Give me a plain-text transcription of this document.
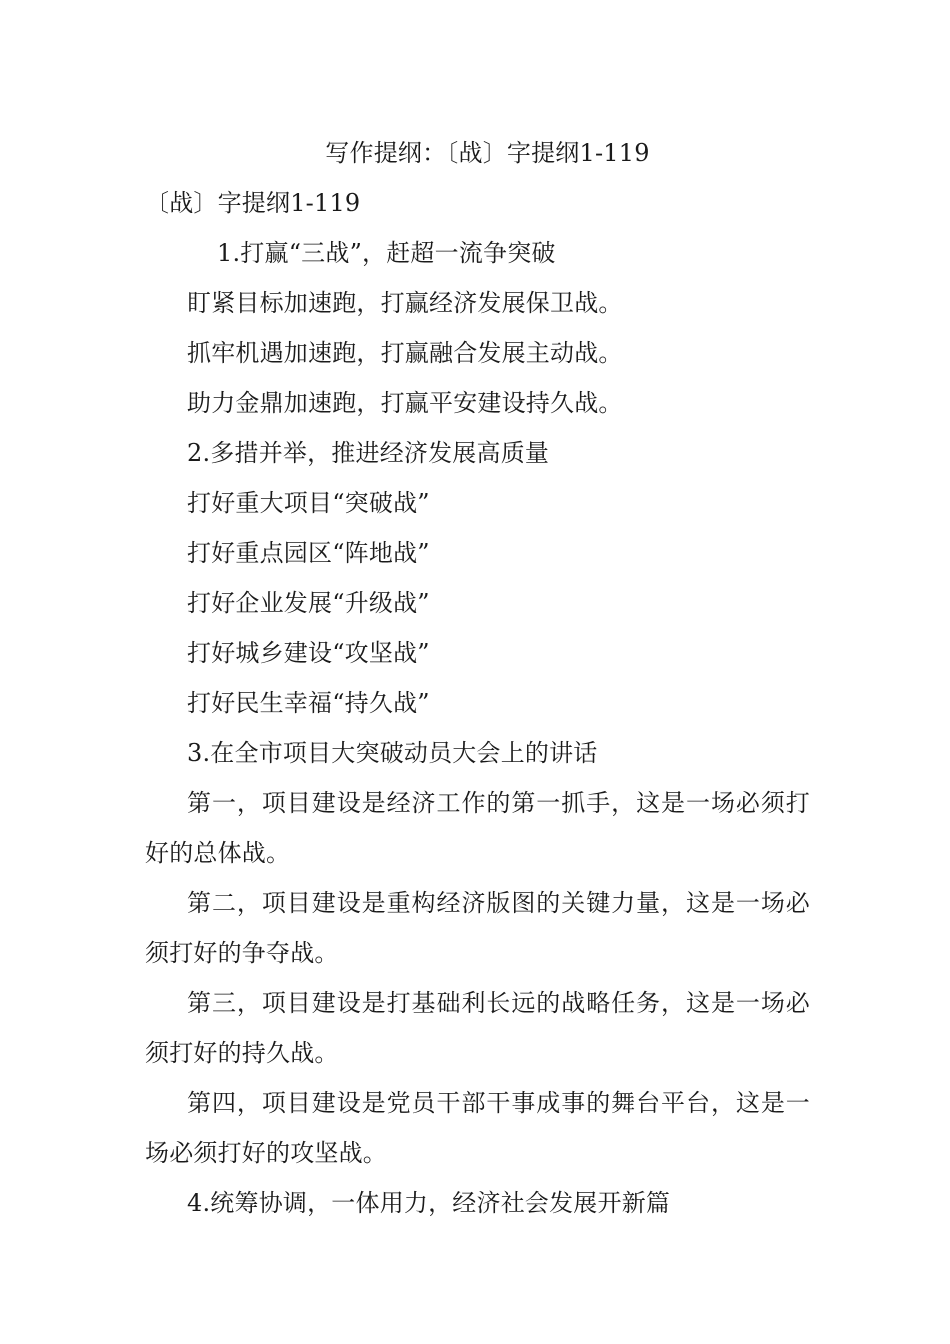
写作提纲：〔战〕字提纲1-119
〔战〕字提纲1-119
1.打赢“三战”，赶超一流争突破
盯紧目标加速跑，打赢经济发展保卫战。
抓牢机遇加速跑，打赢融合发展主动战。
助力金鼎加速跑，打赢平安建设持久战。
2.多措并举，推进经济发展高质量
打好重大项目“突破战”
打好重点园区“阵地战”
打好企业发展“升级战”
打好城乡建设“攻坚战”
打好民生幸福“持久战”
3.在全市项目大突破动员大会上的讲话
第一，项目建设是经济工作的第一抓手，这是一场必须打好的总体战。
第二，项目建设是重构经济版图的关键力量，这是一场必须打好的争夺战。
第三，项目建设是打基础利长远的战略任务，这是一场必须打好的持久战。
第四，项目建设是党员干部干事成事的舞台平台，这是一场必须打好的攻坚战。
4.统筹协调，一体用力，经济社会发展开新篇
